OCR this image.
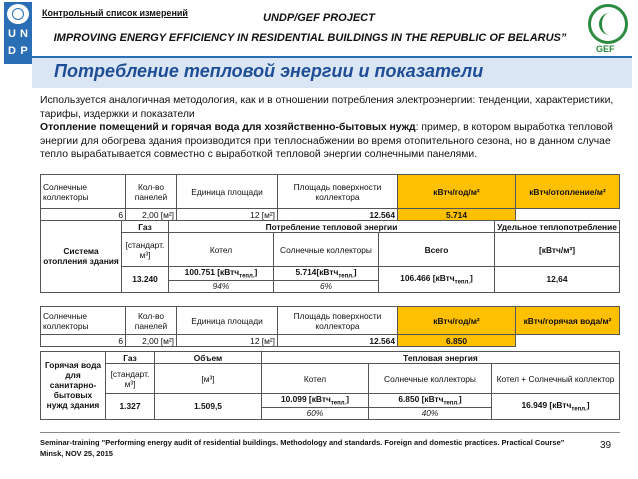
U N
D P
Контрольный список измерений	UNDP/GEF PROJECT
IMPROVING ENERGY EFFICIENCY IN RESIDENTIAL BUILDINGS IN THE REPUBLIC OF BELARUS”
GEF
Потребление тепловой энергии и показатели
Используется аналогичная методология, как и в отношении потребления электроэнергии: тенденции, характеристики, тарифы, издержки и показатели
Отопление помещений и горячая вода для хозяйственно-бытовых нужд: пример, в котором выработка тепловой энергии для обогрева здания производится при теплоснабжении во время отопительного сезона, но в данном случае тепло вырабатывается совместно с выработкой тепловой энергии солнечными панелями.
Солнечные коллекторы	Кол-во панелей	Единица площади	Площадь поверхности коллектора	кВтч/год/м²	кВтч/отопление/м²
6	2,00 [м²]	12 [м²]	12.564	5.714	
Система отопления здания	Газ	Потребление тепловой энергии			Удельное теплопотребление
	[стандарт. м³]	Котел	Солнечные коллекторы	Всего	[кВтч/м³]
	13.240	100.751 [кВтч$_{тепл.}$]	5.714[кВтч$_{тепл.}$]	106.466 [кВтч$_{тепл.}$]	12,64
		94%	6%		
Солнечные коллекторы	Кол-во панелей	Единица площади	Площадь поверхности коллектора	кВтч/год/м²	кВтч/горячая вода/м²
6	2,00 [м²]	12 [м²]	12.564	6.850	
Горячая вода для санитарно-бытовых нужд здания	Газ	Объем	Тепловая энергия		
	[стандарт. м³]	[м³]	Котел	Солнечные коллекторы	Котел + Солнечный коллектор
	1.327	1.509,5	10.099 [кВтч$_{тепл.}$]	6.850 [кВтч$_{тепл.}$]	16.949 [кВтч$_{тепл.}$]
			60%	40%	
Seminar-training "Performing energy audit of residential buildings. Methodology and standards. Foreign and domestic practices. Practical Course"
Minsk, NOV 25, 2015
39
